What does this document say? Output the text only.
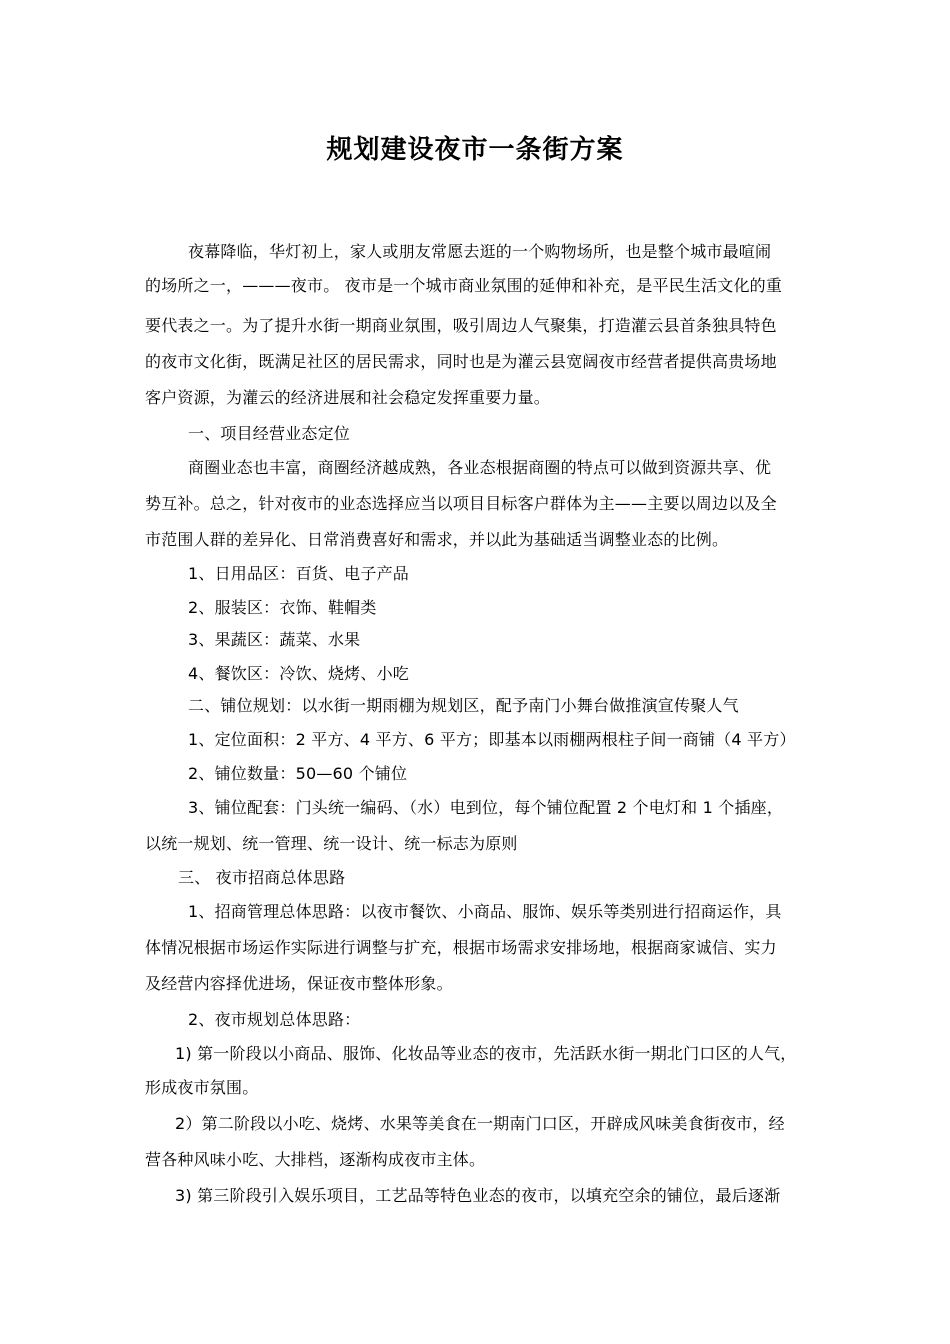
规划建设夜市一条街方案
夜幕降临，华灯初上，家人或朋友常愿去逛的一个购物场所，也是整个城市最喧闹
的场所之一，———夜市。 夜市是一个城市商业氛围的延伸和补充，是平民生活文化的重
要代表之一。为了提升水街一期商业氛围，吸引周边人气聚集，打造灌云县首条独具特色
的夜市文化街，既满足社区的居民需求，同时也是为灌云县宽阔夜市经营者提供高贵场地
客户资源，为灌云的经济进展和社会稳定发挥重要力量。
一、项目经营业态定位
商圈业态也丰富，商圈经济越成熟，各业态根据商圈的特点可以做到资源共享、优
势互补。总之，针对夜市的业态选择应当以项目目标客户群体为主——主要以周边以及全
市范围人群的差异化、日常消费喜好和需求，并以此为基础适当调整业态的比例。
1、日用品区：百货、电子产品
2、服装区：衣饰、鞋帽类
3、果蔬区：蔬菜、水果
4、餐饮区：冷饮、烧烤、小吃
二、铺位规划：以水街一期雨棚为规划区，配予南门小舞台做推演宣传聚人气
1、定位面积：2 平方、4 平方、6 平方；即基本以雨棚两根柱子间一商铺（4 平方）
2、铺位数量：50—60 个铺位
3、铺位配套：门头统一编码、（水）电到位，每个铺位配置 2 个电灯和 1 个插座，
以统一规划、统一管理、统一设计、统一标志为原则
三、 夜市招商总体思路
1、招商管理总体思路：以夜市餐饮、小商品、服饰、娱乐等类别进行招商运作，具
体情况根据市场运作实际进行调整与扩充，根据市场需求安排场地，根据商家诚信、实力
及经营内容择优进场，保证夜市整体形象。
2、夜市规划总体思路：
1) 第一阶段以小商品、服饰、化妆品等业态的夜市，先活跃水街一期北门口区的人气，
形成夜市氛围。
2）第二阶段以小吃、烧烤、水果等美食在一期南门口区，开辟成风味美食街夜市，经
营各种风味小吃、大排档，逐渐构成夜市主体。
3) 第三阶段引入娱乐项目，工艺品等特色业态的夜市，以填充空余的铺位，最后逐渐
